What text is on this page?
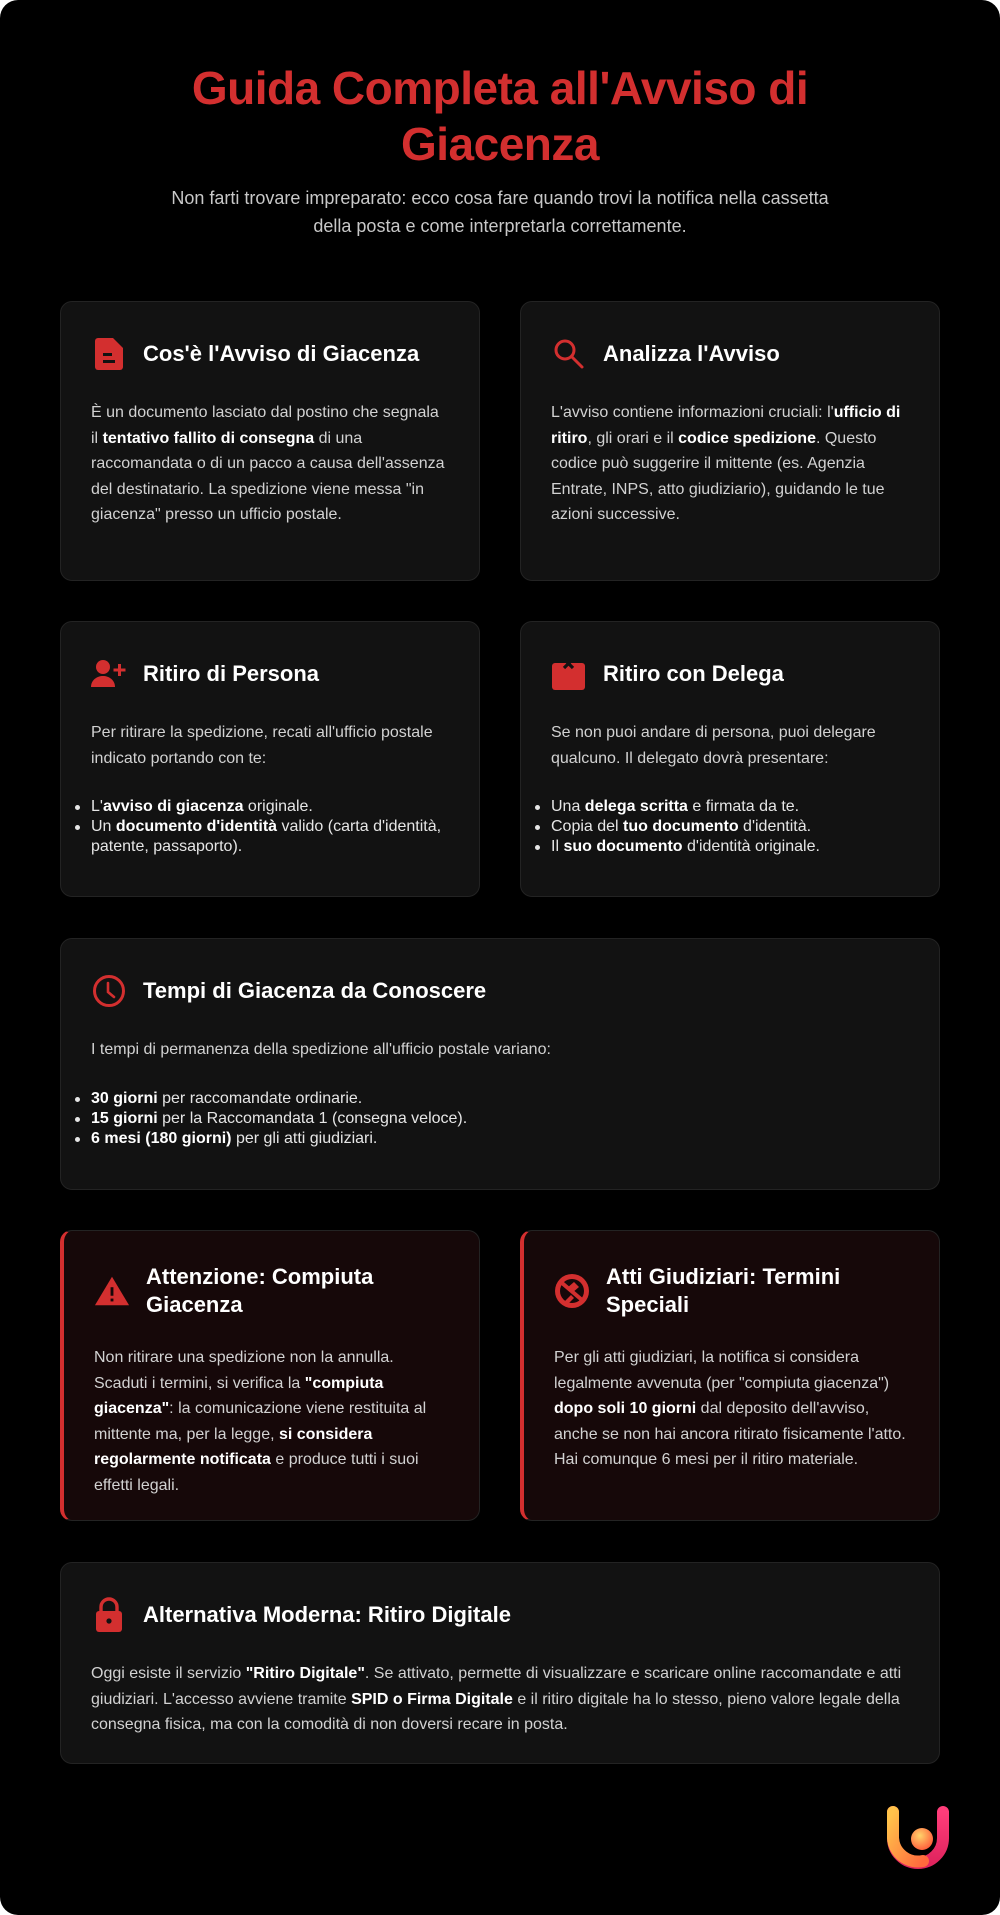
Guida Completa all'Avviso di Giacenza

Non farti trovare impreparato: ecco cosa fare quando trovi la notifica nella cassetta della posta e come interpretarla correttamente.

Cos'è l'Avviso di Giacenza

È un documento lasciato dal postino che segnala il tentativo fallito di consegna di una raccomandata o di un pacco a causa dell'assenza del destinatario. La spedizione viene messa "in giacenza" presso un ufficio postale.

Analizza l'Avviso

L'avviso contiene informazioni cruciali: l'ufficio di ritiro, gli orari e il codice spedizione. Questo codice può suggerire il mittente (es. Agenzia Entrate, INPS, atto giudiziario), guidando le tue azioni successive.

Ritiro di Persona

Per ritirare la spedizione, recati all'ufficio postale indicato portando con te:

L'avviso di giacenza originale.
Un documento d'identità valido (carta d'identità, patente, passaporto).
Ritiro con Delega

Se non puoi andare di persona, puoi delegare qualcuno. Il delegato dovrà presentare:

Una delega scritta e firmata da te.
Copia del tuo documento d'identità.
Il suo documento d'identità originale.
Tempi di Giacenza da Conoscere

I tempi di permanenza della spedizione all'ufficio postale variano:

30 giorni per raccomandate ordinarie.
15 giorni per la Raccomandata 1 (consegna veloce).
6 mesi (180 giorni) per gli atti giudiziari.
Attenzione: Compiuta Giacenza

Non ritirare una spedizione non la annulla. Scaduti i termini, si verifica la "compiuta giacenza": la comunicazione viene restituita al mittente ma, per la legge, si considera regolarmente notificata e produce tutti i suoi effetti legali.

Atti Giudiziari: Termini Speciali

Per gli atti giudiziari, la notifica si considera legalmente avvenuta (per "compiuta giacenza") dopo soli 10 giorni dal deposito dell'avviso, anche se non hai ancora ritirato fisicamente l'atto. Hai comunque 6 mesi per il ritiro materiale.

Alternativa Moderna: Ritiro Digitale

Oggi esiste il servizio "Ritiro Digitale". Se attivato, permette di visualizzare e scaricare online raccomandate e atti giudiziari. L'accesso avviene tramite SPID o Firma Digitale e il ritiro digitale ha lo stesso, pieno valore legale della consegna fisica, ma con la comodità di non doversi recare in posta.
